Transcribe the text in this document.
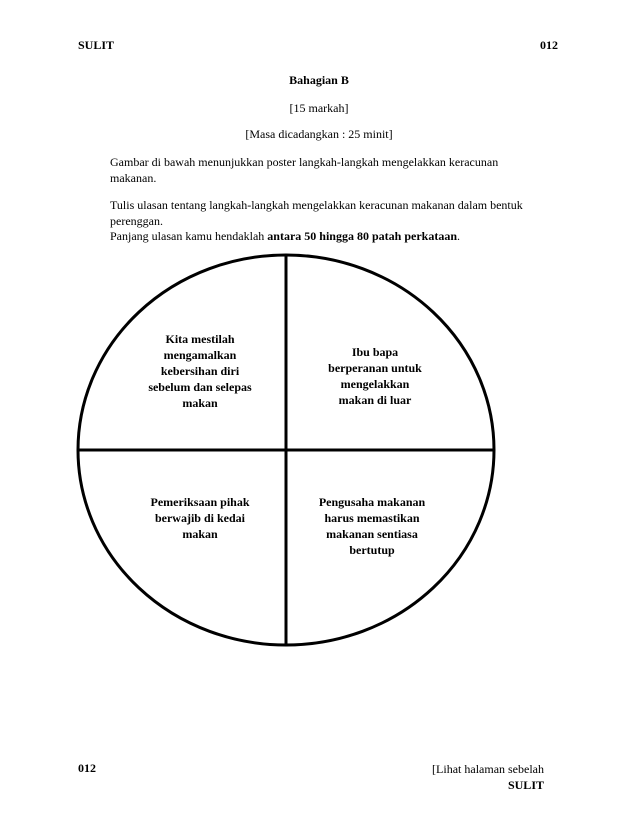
SULIT	012
Bahagian B
[15 markah]
[Masa dicadangkan : 25 minit]
Gambar di bawah menunjukkan poster langkah-langkah mengelakkan keracunan
makanan.
Tulis ulasan tentang langkah-langkah mengelakkan keracunan makanan dalam bentuk
perenggan.
Panjang ulasan kamu hendaklah antara 50 hingga 80 patah perkataan.
Kita mestilah
mengamalkan
kebersihan diri
sebelum dan selepas
makan
Ibu bapa
berperanan untuk
mengelakkan
makan di luar
Pemeriksaan pihak
berwajib di kedai
makan
Pengusaha makanan
harus memastikan
makanan sentiasa
bertutup
012	[Lihat halaman sebelah
SULIT
